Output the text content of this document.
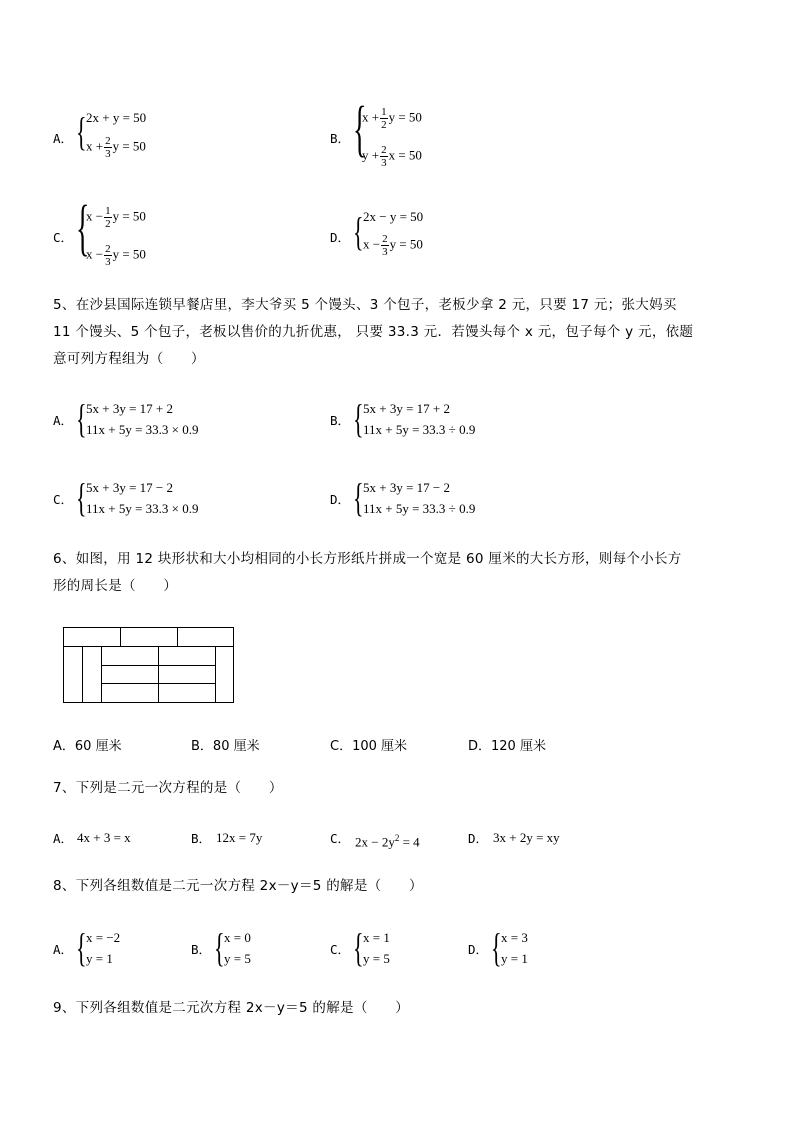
A． { 2x + y = 50
$x + \frac{2}{3}$ y = 50	B． {
$x + \frac{1}{2}$ y = 50
$y + \frac{2}{3}$ x = 50
C． {
$x - \frac{1}{2}$ y = 50
$x - \frac{2}{3}$ y = 50
D． { 2x − y = 50
$x - \frac{2}{3}$ y = 50
5、在沙县国际连锁早餐店里，李大爷买 5 个馒头、3 个包子，老板少拿 2 元，只要 17 元；张大妈买
11 个馒头、5 个包子，老板以售价的九折优惠， 只要 33.3 元．若馒头每个 x 元，包子每个 y 元，依题
意可列方程组为（　　）
A． { 5x + 3y = 17 + 2
11x + 5y = 33.3 × 0.9
B． { 5x + 3y = 17 + 2
11x + 5y = 33.3 ÷ 0.9
C． { 5x + 3y = 17 − 2
11x + 5y = 33.3 × 0.9
D． { 5x + 3y = 17 − 2
11x + 5y = 33.3 ÷ 0.9
6、如图，用 12 块形状和大小均相同的小长方形纸片拼成一个宽是 60 厘米的大长方形，则每个小长方
形的周长是（　　）
A．60 厘米	B．80 厘米	C．100 厘米	D．120 厘米
7、下列是二元一次方程的是（　　）
A． 4x + 3 = x	B． 12x = 7y	C． $2x - 2y^2 = 4$	D． 3x + 2y = xy
8、下列各组数值是二元一次方程 2x－y＝5 的解是（　　）
A． { x = −2
y = 1
B． { x = 0
y = 5
C． { x = 1
y = 5
D． { x = 3
y = 1
9、下列各组数值是二元次方程 2x－y＝5 的解是（　　）
